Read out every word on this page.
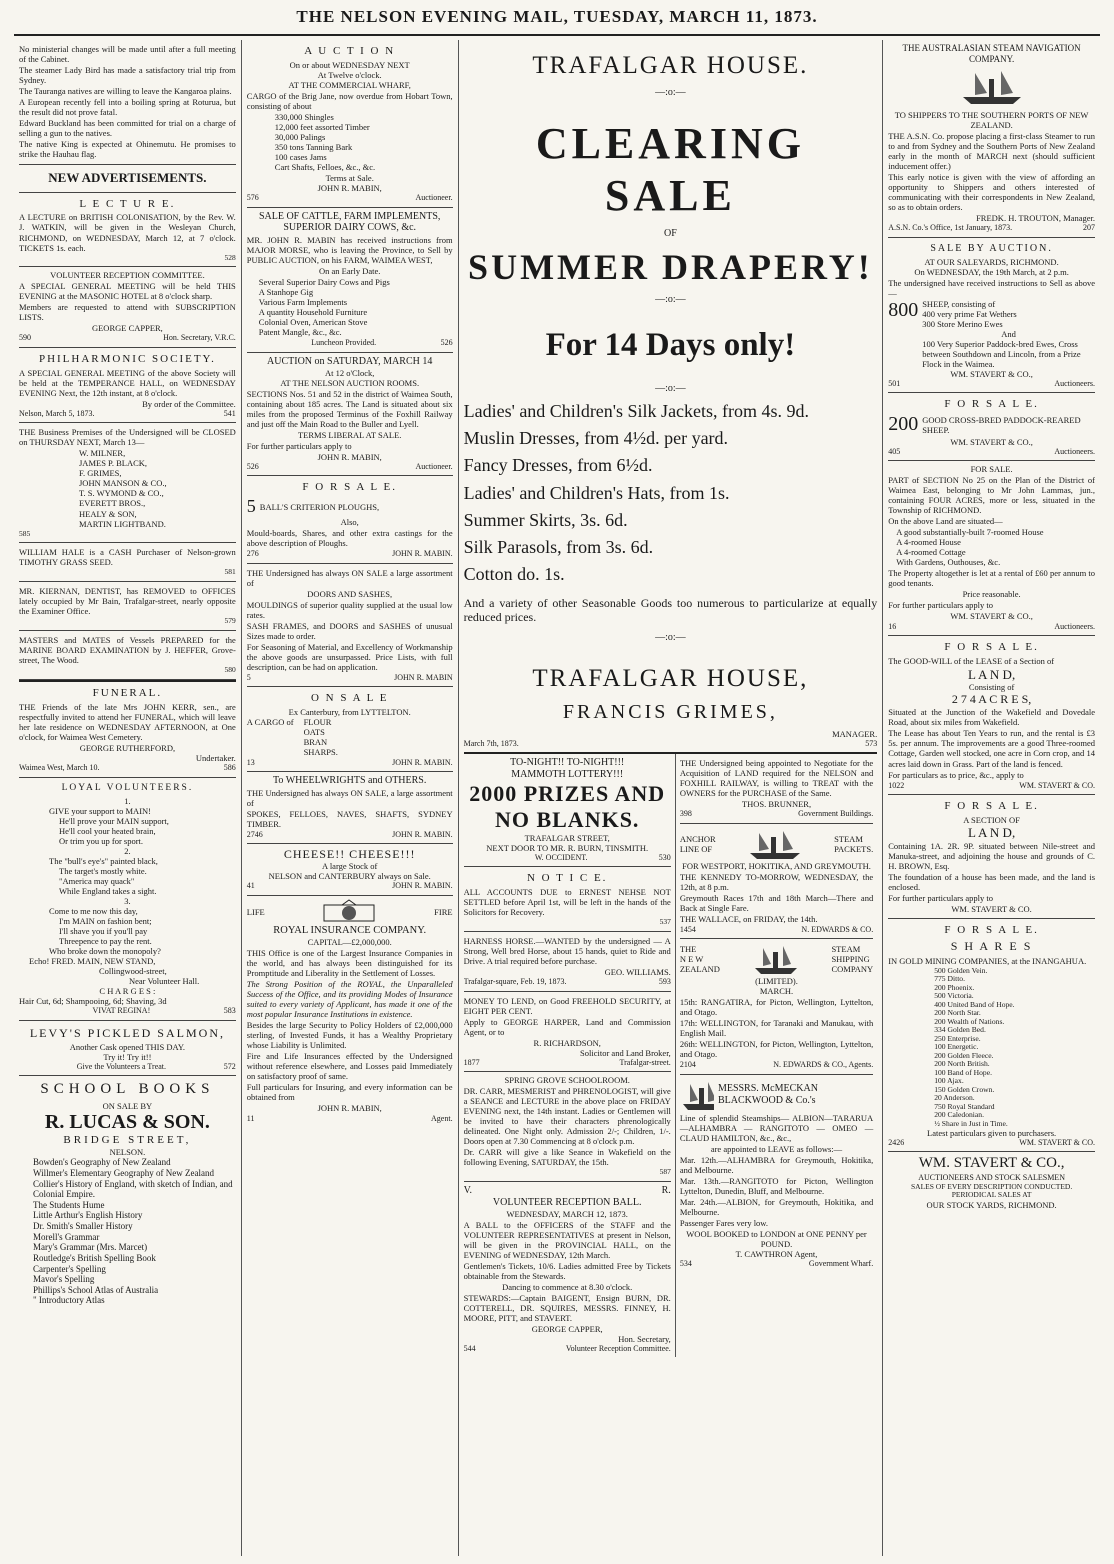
THE NELSON EVENING MAIL, TUESDAY, MARCH 11, 1873.
No ministerial changes will be made until after a full meeting of the Cabinet.
The steamer Lady Bird has made a satisfactory trial trip from Sydney.
The Tauranga natives are willing to leave the Kangaroa plains.
A European recently fell into a boiling spring at Roturua, but the result did not prove fatal.
Edward Buckland has been committed for trial on a charge of selling a gun to the natives.
The native King is expected at Ohinemutu. He promises to strike the Hauhau flag.
NEW ADVERTISEMENTS.
L E C T U R E.
A LECTURE on BRITISH COLONISATION, by the Rev. W. J. WATKIN, will be given in the Wesleyan Church, RICHMOND, on WEDNESDAY, March 12, at 7 o'clock. TICKETS 1s. each.
528
VOLUNTEER RECEPTION COMMITTEE.
A SPECIAL GENERAL MEETING will be held THIS EVENING at the MASONIC HOTEL at 8 o'clock sharp.
Members are requested to attend with SUBSCRIPTION LISTS.
GEORGE CAPPER,
590	Hon. Secretary, V.R.C.
PHILHARMONIC SOCIETY.
A SPECIAL GENERAL MEETING of the above Society will be held at the TEMPERANCE HALL, on WEDNESDAY EVENING Next, the 12th instant, at 8 o'clock.
By order of the Committee.
Nelson, March 5, 1873.	541
THE Business Premises of the Undersigned will be CLOSED on THURSDAY NEXT, March 13—
W. MILNER,
JAMES P. BLACK,
F. GRIMES,
JOHN MANSON & CO.,
T. S. WYMOND & CO.,
EVERETT BROS.,
HEALY & SON,
MARTIN LIGHTBAND.
585
WILLIAM HALE is a CASH Purchaser of Nelson-grown TIMOTHY GRASS SEED.
581
MR. KIERNAN, DENTIST, has REMOVED to OFFICES lately occupied by Mr Bain, Trafalgar-street, nearly opposite the Examiner Office.
579
MASTERS and MATES of Vessels PREPARED for the MARINE BOARD EXAMINATION by J. HEFFER, Grove-street, The Wood.
580
FUNERAL.
THE Friends of the late Mrs JOHN KERR, sen., are respectfully invited to attend her FUNERAL, which will leave her late residence on WEDNESDAY AFTERNOON, at One o'clock, for Waimea West Cemetery.
GEORGE RUTHERFORD,
Undertaker.
Waimea West, March 10.	586
LOYAL VOLUNTEERS.
1.
GIVE your support to MAIN!
He'll prove your MAIN support,
He'll cool your heated brain,
Or trim you up for sport.
2.
The "bull's eye's" painted black,
The target's mostly white.
"America may quack"
While England takes a sight.
3.
Come to me now this day,
I'm MAIN on fashion bent;
I'll shave you if you'll pay
Threepence to pay the rent.
Who broke down the monopoly?
Echo! FRED. MAIN, NEW STAND,
Collingwood-street,
Near Volunteer Hall.
C H A R G E S :
Hair Cut, 6d; Shampooing, 6d; Shaving, 3d
VIVAT REGINA!	583
LEVY'S PICKLED SALMON,
Another Cask opened THIS DAY.
Try it! Try it!!
Give the Volunteers a Treat.	572
SCHOOL BOOKS
ON SALE BY
R. LUCAS & SON.
BRIDGE STREET,
NELSON.
Bowden's Geography of New Zealand
Willmer's Elementary Geography of New Zealand
Collier's History of England, with sketch of Indian, and Colonial Empire.
The Students Hume
Little Arthur's English History
Dr. Smith's Smaller History
Morell's Grammar
Mary's Grammar (Mrs. Marcet)
Routledge's British Spelling Book
Carpenter's Spelling
Mavor's Spelling
Phillips's School Atlas of Australia
" Introductory Atlas
A U C T I O N
On or about WEDNESDAY NEXT
At Twelve o'clock.
AT THE COMMERCIAL WHARF,
CARGO of the Brig Jane, now overdue from Hobart Town, consisting of about
330,000 Shingles
12,000 feet assorted Timber
30,000 Palings
350 tons Tanning Bark
100 cases Jams
Cart Shafts, Felloes, &c., &c.
Terms at Sale.
JOHN R. MABIN,
576	Auctioneer.
SALE OF CATTLE, FARM IMPLEMENTS, SUPERIOR DAIRY COWS, &c.
MR. JOHN R. MABIN has received instructions from MAJOR MORSE, who is leaving the Province, to Sell by PUBLIC AUCTION, on his FARM, WAIMEA WEST,
On an Early Date.
Several Superior Dairy Cows and Pigs
A Stanhope Gig
Various Farm Implements
A quantity Household Furniture
Colonial Oven, American Stove
Patent Mangle, &c., &c.
Luncheon Provided.	526
AUCTION on SATURDAY, MARCH 14
At 12 o'Clock,
AT THE NELSON AUCTION ROOMS.
SECTIONS Nos. 51 and 52 in the district of Waimea South, containing about 185 acres. The Land is situated about six miles from the proposed Terminus of the Foxhill Railway and just off the Main Road to the Buller and Lyell.
TERMS LIBERAL AT SALE.
For further particulars apply to
JOHN R. MABIN,
526	Auctioneer.
F O R S A L E.
5 BALL'S CRITERION PLOUGHS,
Also,
Mould-boards, Shares, and other extra castings for the above description of Ploughs.
276	JOHN R. MABIN.
THE Undersigned has always ON SALE a large assortment of
DOORS AND SASHES,
MOULDINGS of superior quality supplied at the usual low rates.
SASH FRAMES, and DOORS and SASHES of unusual Sizes made to order.
For Seasoning of Material, and Excellency of Workmanship the above goods are unsurpassed. Price Lists, with full description, can be had on application.
5	JOHN R. MABIN
O N S A L E
Ex Canterbury, from LYTTELTON.
A CARGO of FLOUR
OATS
BRAN
SHARPS.
13	JOHN R. MABIN.
To WHEELWRIGHTS and OTHERS.
THE Undersigned has always ON SALE, a large assortment of
SPOKES, FELLOES, NAVES, SHAFTS, SYDNEY TIMBER.
2746	JOHN R. MABIN.
CHEESE!! CHEESE!!!
A large Stock of
NELSON and CANTERBURY always on Sale.
41	JOHN R. MABIN.
LIFE	FIRE
ROYAL INSURANCE COMPANY.
CAPITAL—£2,000,000.
THIS Office is one of the Largest Insurance Companies in the world, and has always been distinguished for its Promptitude and Liberality in the Settlement of Losses.
The Strong Position of the ROYAL, the Unparalleled Success of the Office, and its providing Modes of Insurance suited to every variety of Applicant, has made it one of the most popular Insurance Institutions in existence.
Besides the large Security to Policy Holders of £2,000,000 sterling, of Invested Funds, it has a Wealthy Proprietary whose Liability is Unlimited.
Fire and Life Insurances effected by the Undersigned without reference elsewhere, and Losses paid Immediately on satisfactory proof of same.
Full particulars for Insuring, and every information can be obtained from
JOHN R. MABIN,
11	Agent.
TRAFALGAR HOUSE.
—:o:—
CLEARING SALE
OF
SUMMER DRAPERY!
—:o:—
For 14 Days only!
—:o:—
Ladies' and Children's Silk Jackets, from 4s. 9d.
Muslin Dresses, from 4½d. per yard.
Fancy Dresses, from 6½d.
Ladies' and Children's Hats, from 1s.
Summer Skirts, 3s. 6d.
Silk Parasols, from 3s. 6d.
Cotton do. 1s.
And a variety of other Seasonable Goods too numerous to particularize at equally reduced prices.
—:o:—
TRAFALGAR HOUSE,
FRANCIS GRIMES,
MANAGER.
March 7th, 1873.	573
TO-NIGHT!! TO-NIGHT!!!
MAMMOTH LOTTERY!!!
2000 PRIZES AND NO BLANKS.
TRAFALGAR STREET,
NEXT DOOR TO MR. R. BURN, TINSMITH.
W. OCCIDENT.	530
N O T I C E.
ALL ACCOUNTS DUE to ERNEST NEHSE NOT SETTLED before April 1st, will be left in the hands of the Solicitors for Recovery.
537
HARNESS HORSE.—WANTED by the undersigned — A Strong, Well bred Horse, about 15 hands, quiet to Ride and Drive. A trial required before purchase.
GEO. WILLIAMS.
Trafalgar-square, Feb. 19, 1873.	593
MONEY TO LEND, on Good FREEHOLD SECURITY, at EIGHT PER CENT.
Apply to GEORGE HARPER, Land and Commission Agent, or to
R. RICHARDSON,
Solicitor and Land Broker,
1877	Trafalgar-street.
SPRING GROVE SCHOOLROOM.
DR. CARR, MESMERIST and PHRENOLOGIST, will give a SEANCE and LECTURE in the above place on FRIDAY EVENING next, the 14th instant. Ladies or Gentlemen will be invited to have their characters phrenologically delineated. One Night only. Admission 2/-; Children, 1/-. Doors open at 7.30 Commencing at 8 o'clock p.m.
Dr. CARR will give a like Seance in Wakefield on the following Evening, SATURDAY, the 15th.
587
V.	R.
VOLUNTEER RECEPTION BALL.
WEDNESDAY, MARCH 12, 1873.
A BALL to the OFFICERS of the STAFF and the VOLUNTEER REPRESENTATIVES at present in Nelson, will be given in the PROVINCIAL HALL, on the EVENING of WEDNESDAY, 12th March.
Gentlemen's Tickets, 10/6. Ladies admitted Free by Tickets obtainable from the Stewards.
Dancing to commence at 8.30 o'clock.
STEWARDS:—Captain BAIGENT, Ensign BURN, DR. COTTERELL, DR. SQUIRES, MESSRS. FINNEY, H. MOORE, PITT, and STAVERT.
GEORGE CAPPER,
Hon. Secretary,
544	Volunteer Reception Committee.
THE Undersigned being appointed to Negotiate for the Acquisition of LAND required for the NELSON and FOXHILL RAILWAY, is willing to TREAT with the OWNERS for the PURCHASE of the Same.
THOS. BRUNNER,
398	Government Buildings.
ANCHOR
LINE OF
STEAM
PACKETS.
FOR WESTPORT, HOKITIKA, AND GREYMOUTH.
THE KENNEDY TO-MORROW, WEDNESDAY, the 12th, at 8 p.m.
Greymouth Races 17th and 18th March—There and Back at Single Fare.
THE WALLACE, on FRIDAY, the 14th.
1454	N. EDWARDS & CO.
THE
N E W
ZEALAND
STEAM
SHIPPING
COMPANY
(LIMITED).
MARCH.
15th: RANGATIRA, for Picton, Wellington, Lyttelton, and Otago.
17th: WELLINGTON, for Taranaki and Manukau, with English Mail.
26th: WELLINGTON, for Picton, Wellington, Lyttelton, and Otago.
2104	N. EDWARDS & CO., Agents.
MESSRS. McMECKAN BLACKWOOD & Co.'s
Line of splendid Steamships— ALBION—TARARUA—ALHAMBRA — RANGITOTO — OMEO — CLAUD HAMILTON, &c., &c.,
are appointed to LEAVE as follows:—
Mar. 12th.—ALHAMBRA for Greymouth, Hokitika, and Melbourne.
Mar. 13th.—RANGITOTO for Picton, Wellington Lyttelton, Dunedin, Bluff, and Melbourne.
Mar. 24th.—ALBION, for Greymouth, Hokitika, and Melbourne.
Passenger Fares very low.
WOOL BOOKED to LONDON at ONE PENNY per POUND.
T. CAWTHRON Agent,
534	Government Wharf.
THE AUSTRALASIAN STEAM NAVIGATION COMPANY.
TO SHIPPERS TO THE SOUTHERN PORTS OF NEW ZEALAND.
THE A.S.N. Co. propose placing a first-class Steamer to run to and from Sydney and the Southern Ports of New Zealand early in the month of MARCH next (should sufficient inducement offer.)
This early notice is given with the view of affording an opportunity to Shippers and others interested of communicating with their correspondents in New Zealand, so as to obtain orders.
FREDK. H. TROUTON, Manager.
A.S.N. Co.'s Office, 1st January, 1873.	207
SALE BY AUCTION.
AT OUR SALEYARDS, RICHMOND.
On WEDNESDAY, the 19th March, at 2 p.m.
The undersigned have received instructions to Sell as above—
800 SHEEP, consisting of
400 very prime Fat Wethers
300 Store Merino Ewes
And
100 Very Superior Paddock-bred Ewes, Cross between Southdown and Lincoln, from a Prize Flock in the Waimea.
WM. STAVERT & CO.,
501	Auctioneers.
F O R S A L E.
200 GOOD CROSS-BRED PADDOCK-REARED SHEEP.
WM. STAVERT & CO.,
405	Auctioneers.
FOR SALE.
PART of SECTION No 25 on the Plan of the District of Waimea East, belonging to Mr John Lammas, jun., containing FOUR ACRES, more or less, situated in the Township of RICHMOND.
On the above Land are situated—
A good substantially-built 7-roomed House
A 4-roomed House
A 4-roomed Cottage
With Gardens, Outhouses, &c.
The Property altogether is let at a rental of £60 per annum to good tenants.
Price reasonable.
For further particulars apply to
WM. STAVERT & CO.,
16	Auctioneers.
F O R S A L E.
The GOOD-WILL of the LEASE of a Section of
L A N D,
Consisting of
2 7 4 A C R E S,
Situated at the Junction of the Wakefield and Dovedale Road, about six miles from Wakefield.
The Lease has about Ten Years to run, and the rental is £3 5s. per annum. The improvements are a good Three-roomed Cottage, Garden well stocked, one acre in Corn crop, and 14 acres laid down in Grass. Part of the land is fenced.
For particulars as to price, &c., apply to
1022	WM. STAVERT & CO.
F O R S A L E.
A SECTION OF
L A N D,
Containing 1A. 2R. 9P. situated between Nile-street and Manuka-street, and adjoining the house and grounds of C. H. BROWN, Esq.
The foundation of a house has been made, and the land is enclosed.
For further particulars apply to
WM. STAVERT & CO.
F O R S A L E.
S H A R E S
IN GOLD MINING COMPANIES, at the INANGAHUA.
500 Golden Vein.
775 Ditto.
200 Phoenix.
500 Victoria.
400 United Band of Hope.
200 North Star.
200 Wealth of Nations.
334 Golden Bed.
250 Enterprise.
100 Energetic.
200 Golden Fleece.
200 North British.
100 Band of Hope.
100 Ajax.
150 Golden Crown.
20 Anderson.
750 Royal Standard
200 Caledonian.
½ Share in Just in Time.
Latest particulars given to purchasers.
2426	WM. STAVERT & CO.
WM. STAVERT & CO.,
AUCTIONEERS AND STOCK SALESMEN
SALES OF EVERY DESCRIPTION CONDUCTED.
PERIODICAL SALES AT
OUR STOCK YARDS, RICHMOND.
